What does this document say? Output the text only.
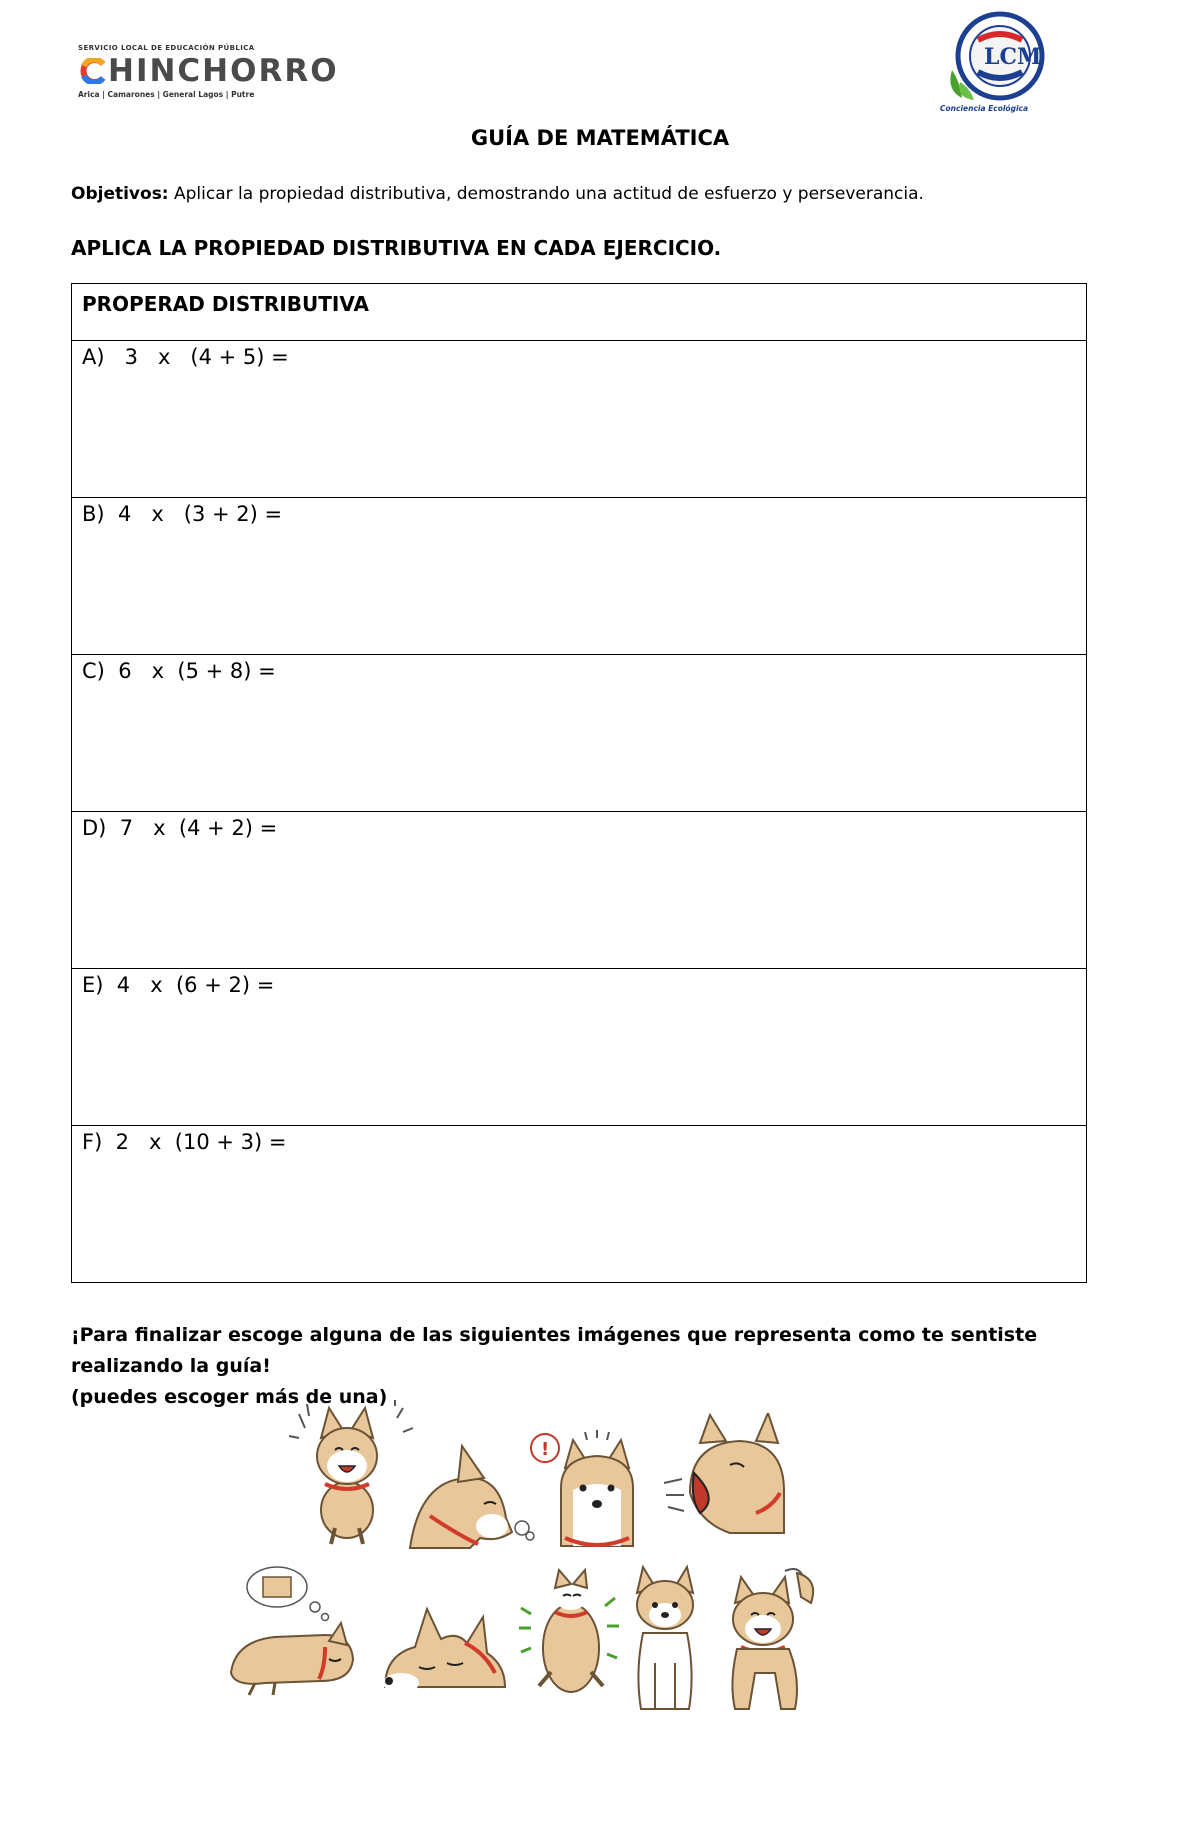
SERVICIO LOCAL DE EDUCACIÓN PÚBLICA
HINCHORRO
Arica | Camarones | General Lagos | Putre
LCM
Conciencia Ecológica
GUÍA DE MATEMÁTICA
Objetivos: Aplicar la propiedad distributiva, demostrando una actitud de esfuerzo y perseverancia.
APLICA LA PROPIEDAD DISTRIBUTIVA EN CADA EJERCICIO.
PROPERAD DISTRIBUTIVA
A)   3   x   (4 + 5) =
B)  4   x   (3 + 2) =
C)  6   x  (5 + 8) =
D)  7   x  (4 + 2) =
E)  4   x  (6 + 2) =
F)  2   x  (10 + 3) =
¡Para finalizar escoge alguna de las siguientes imágenes que representa como te sentiste realizando la guía!
(puedes escoger más de una)
!
